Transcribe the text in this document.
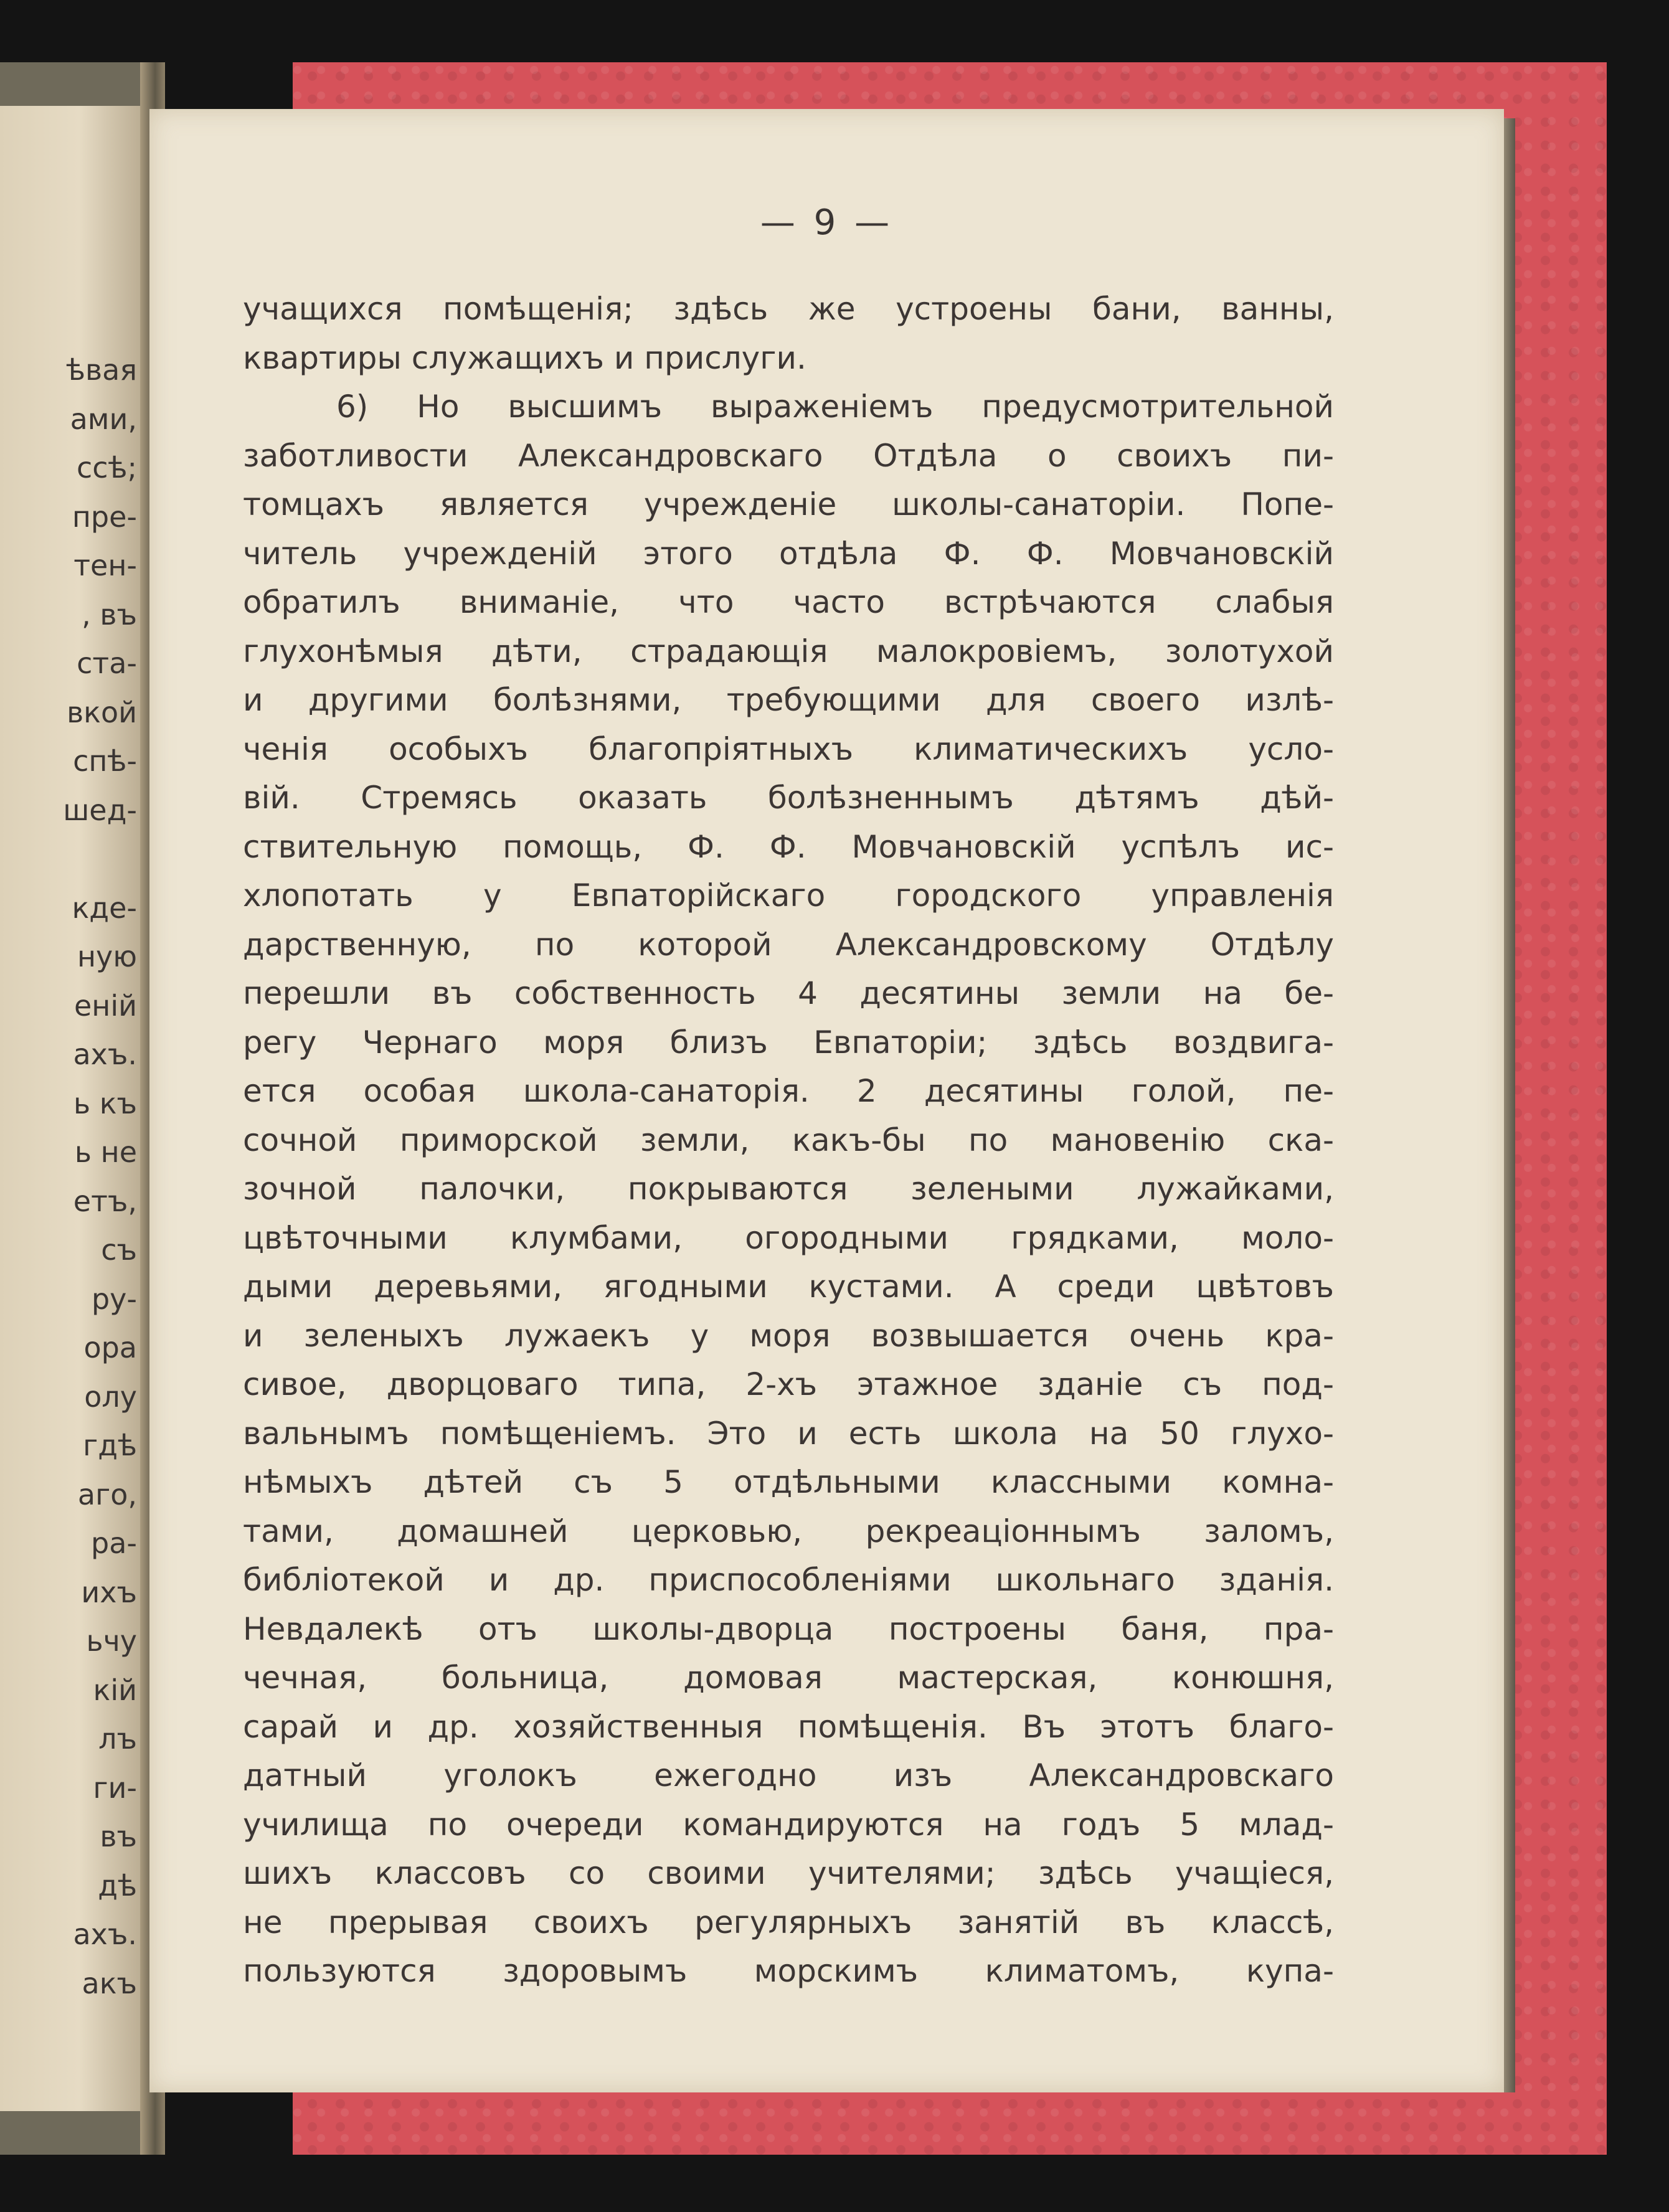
ѣвая
ами,
ссѣ;
пре-
тен-
, въ
ста-
вкой
спѣ-
шед-

кде-
ную
еній
ахъ.
ь къ
ь не
етъ,
съ
ру-
ора
олу
гдѣ
аго,
ра-
ихъ
ьчу
кій
лъ
ги-
въ
дѣ
ахъ.
акъ
— 9 —
учащихся помѣщенія; здѣсь же устроены бани, ванны,
квартиры служащихъ и прислуги.
6) Но высшимъ выраженіемъ предусмотрительной
заботливости Александровскаго Отдѣла о своихъ пи-
томцахъ является учрежденіе школы-санаторіи. Попе-
читель учрежденій этого отдѣла Ф. Ф. Мовчановскій
обратилъ вниманіе, что часто встрѣчаются слабыя
глухонѣмыя дѣти, страдающія малокровіемъ, золотухой
и другими болѣзнями, требующими для своего излѣ-
ченія особыхъ благопріятныхъ климатическихъ усло-
вій. Стремясь оказать болѣзненнымъ дѣтямъ дѣй-
ствительную помощь, Ф. Ф. Мовчановскій успѣлъ ис-
хлопотать у Евпаторійскаго городского управленія
дарственную, по которой Александровскому Отдѣлу
перешли въ собственность 4 десятины земли на бе-
регу Чернаго моря близъ Евпаторіи; здѣсь воздвига-
ется особая школа-санаторія. 2 десятины голой, пе-
сочной приморской земли, какъ-бы по мановенію ска-
зочной палочки, покрываются зелеными лужайками,
цвѣточными клумбами, огородными грядками, моло-
дыми деревьями, ягодными кустами. А среди цвѣтовъ
и зеленыхъ лужаекъ у моря возвышается очень кра-
сивое, дворцоваго типа, 2-хъ этажное зданіе съ под-
вальнымъ помѣщеніемъ. Это и есть школа на 50 глухо-
нѣмыхъ дѣтей съ 5 отдѣльными классными комна-
тами, домашней церковью, рекреаціоннымъ заломъ,
библіотекой и др. приспособленіями школьнаго зданія.
Невдалекѣ отъ школы-дворца построены баня, пра-
чечная, больница, домовая мастерская, конюшня,
сарай и др. хозяйственныя помѣщенія. Въ этотъ благо-
датный уголокъ ежегодно изъ Александровскаго
училища по очереди командируются на годъ 5 млад-
шихъ классовъ со своими учителями; здѣсь учащіеся,
не прерывая своихъ регулярныхъ занятій въ классѣ,
пользуются здоровымъ морскимъ климатомъ, купа-
